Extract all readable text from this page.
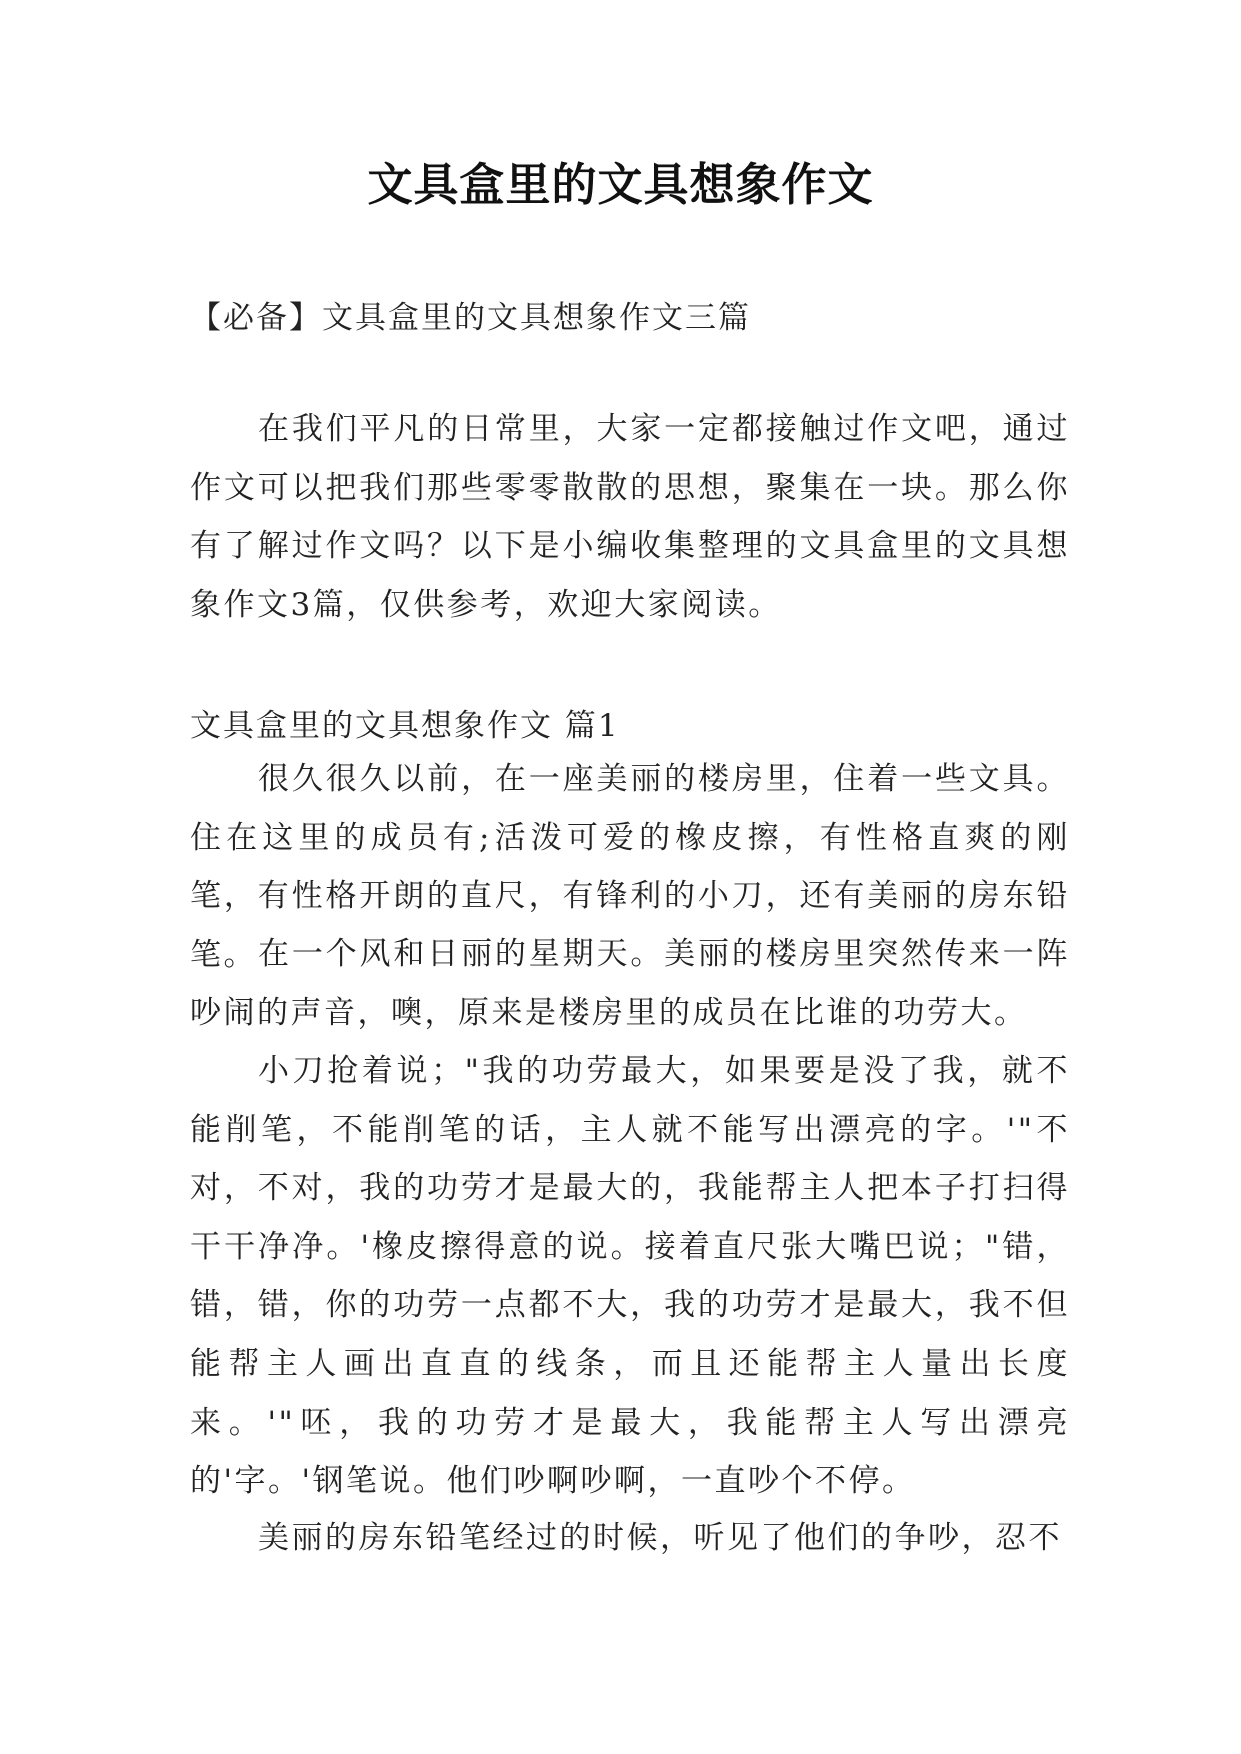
文具盒里的文具想象作文
【必备】文具盒里的文具想象作文三篇

在我们平凡的日常里，大家一定都接触过作文吧，通过作文可以把我们那些零零散散的思想，聚集在一块。那么你有了解过作文吗？以下是小编收集整理的文具盒里的文具想象作文3篇，仅供参考，欢迎大家阅读。

文具盒里的文具想象作文 篇1

很久很久以前，在一座美丽的楼房里，住着一些文具。住在这里的成员有;活泼可爱的橡皮擦，有性格直爽的刚笔，有性格开朗的直尺，有锋利的小刀，还有美丽的房东铅笔。 在一个风和日丽的星期天。美丽的楼房里突然传来一阵吵闹的声音，噢，原来是楼房里的成员在比谁的功劳大。

小刀抢着说；"我的功劳最大，如果要是没了我，就不能削笔，不能削笔的话，主人就不能写出漂亮的字。'"不对，不对，我的功劳才是最大的，我能帮主人把本子打扫得干干净净。'橡皮擦得意的说。接着直尺张大嘴巴说；"错，错，错，你的功劳一点都不大，我的功劳才是最大，我不但能帮主人画出直直的线条，而且还能帮主人量出长度来。'"呸，我的功劳才是最大，我能帮主人写出漂亮的'字。'钢笔说。他们吵啊吵啊，一直吵个不停。

美丽的房东铅笔经过的时候，听见了他们的争吵，忍不
